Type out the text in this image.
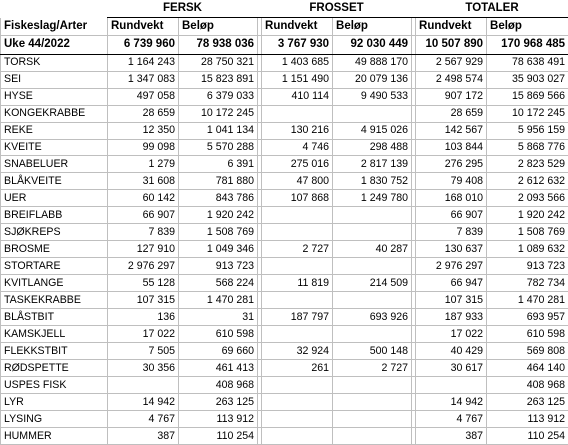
	FERSK			FROSSET			TOTALER	
Fiskeslag/Arter	Rundvekt	Beløp		Rundvekt	Beløp		Rundvekt	Beløp
Uke 44/2022	6 739 960	78 938 036		3 767 930	92 030 449		10 507 890	170 968 485
TORSK	1 164 243	28 750 321		1 403 685	49 888 170		2 567 929	78 638 491
SEI	1 347 083	15 823 891		1 151 490	20 079 136		2 498 574	35 903 027
HYSE	497 058	6 379 033		410 114	9 490 533		907 172	15 869 566
KONGEKRABBE	28 659	10 172 245					28 659	10 172 245
REKE	12 350	1 041 134		130 216	4 915 026		142 567	5 956 159
KVEITE	99 098	5 570 288		4 746	298 488		103 844	5 868 776
SNABELUER	1 279	6 391		275 016	2 817 139		276 295	2 823 529
BLÅKVEITE	31 608	781 880		47 800	1 830 752		79 408	2 612 632
UER	60 142	843 786		107 868	1 249 780		168 010	2 093 566
BREIFLABB	66 907	1 920 242					66 907	1 920 242
SJØKREPS	7 839	1 508 769					7 839	1 508 769
BROSME	127 910	1 049 346		2 727	40 287		130 637	1 089 632
STORTARE	2 976 297	913 723					2 976 297	913 723
KVITLANGE	55 128	568 224		11 819	214 509		66 947	782 734
TASKEKRABBE	107 315	1 470 281					107 315	1 470 281
BLÅSTBIT	136	31		187 797	693 926		187 933	693 957
KAMSKJELL	17 022	610 598					17 022	610 598
FLEKKSTBIT	7 505	69 660		32 924	500 148		40 429	569 808
RØDSPETTE	30 356	461 413		261	2 727		30 617	464 140
USPES FISK		408 968						408 968
LYR	14 942	263 125					14 942	263 125
LYSING	4 767	113 912					4 767	113 912
HUMMER	387	110 254					387	110 254
